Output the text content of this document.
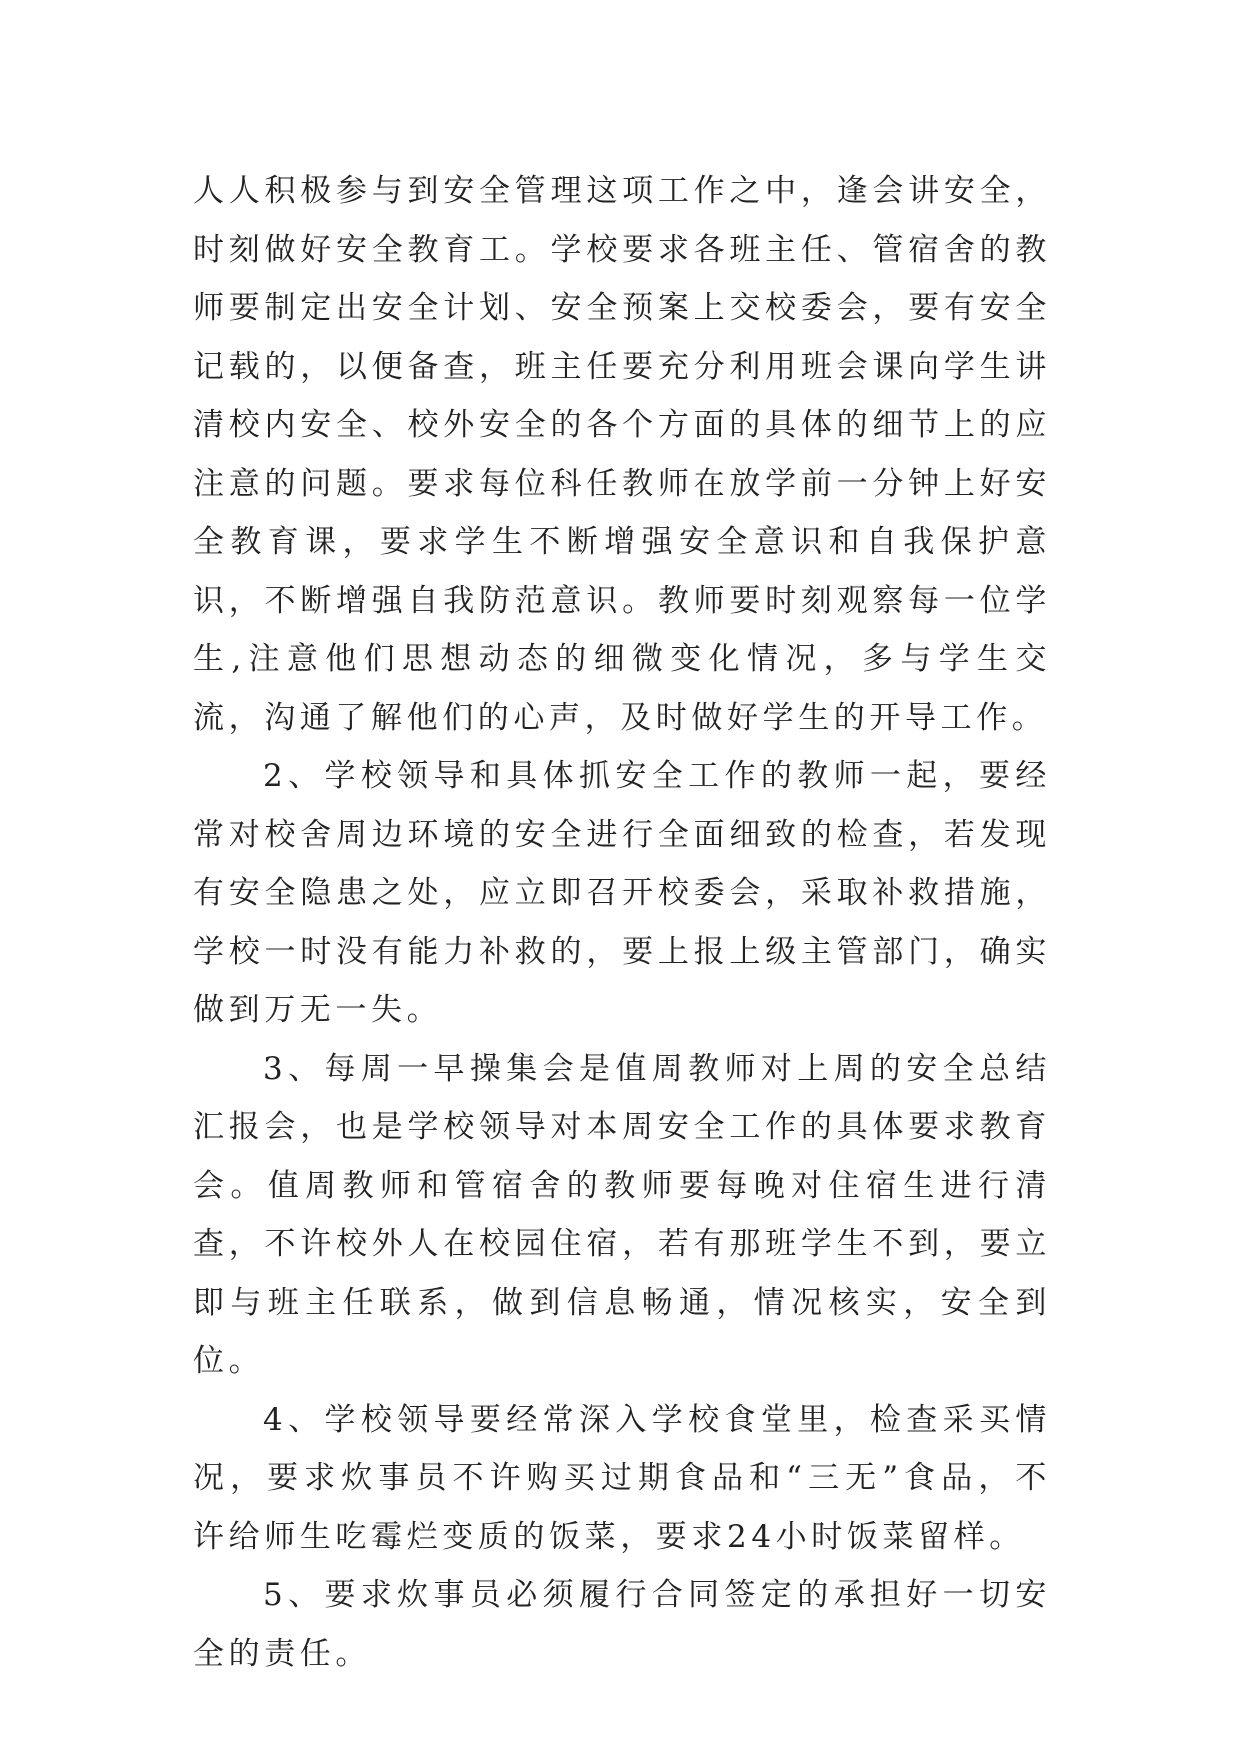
人人积极参与到安全管理这项工作之中，逢会讲安全，时刻做好安全教育工。学校要求各班主任、管宿舍的教师要制定出安全计划、安全预案上交校委会，要有安全记载的，以便备查，班主任要充分利用班会课向学生讲清校内安全、校外安全的各个方面的具体的细节上的应注意的问题。要求每位科任教师在放学前一分钟上好安全教育课，要求学生不断增强安全意识和自我保护意识，不断增强自我防范意识。教师要时刻观察每一位学生,注意他们思想动态的细微变化情况，多与学生交流，沟通了解他们的心声，及时做好学生的开导工作。

2、学校领导和具体抓安全工作的教师一起，要经常对校舍周边环境的安全进行全面细致的检查，若发现有安全隐患之处，应立即召开校委会，采取补救措施，学校一时没有能力补救的，要上报上级主管部门，确实做到万无一失。

3、每周一早操集会是值周教师对上周的安全总结汇报会，也是学校领导对本周安全工作的具体要求教育会。值周教师和管宿舍的教师要每晚对住宿生进行清查，不许校外人在校园住宿，若有那班学生不到，要立即与班主任联系，做到信息畅通，情况核实，安全到位。

4、学校领导要经常深入学校食堂里，检查采买情况，要求炊事员不许购买过期食品和“三无”食品，不许给师生吃霉烂变质的饭菜，要求24小时饭菜留样。

5、要求炊事员必须履行合同签定的承担好一切安全的责任。
